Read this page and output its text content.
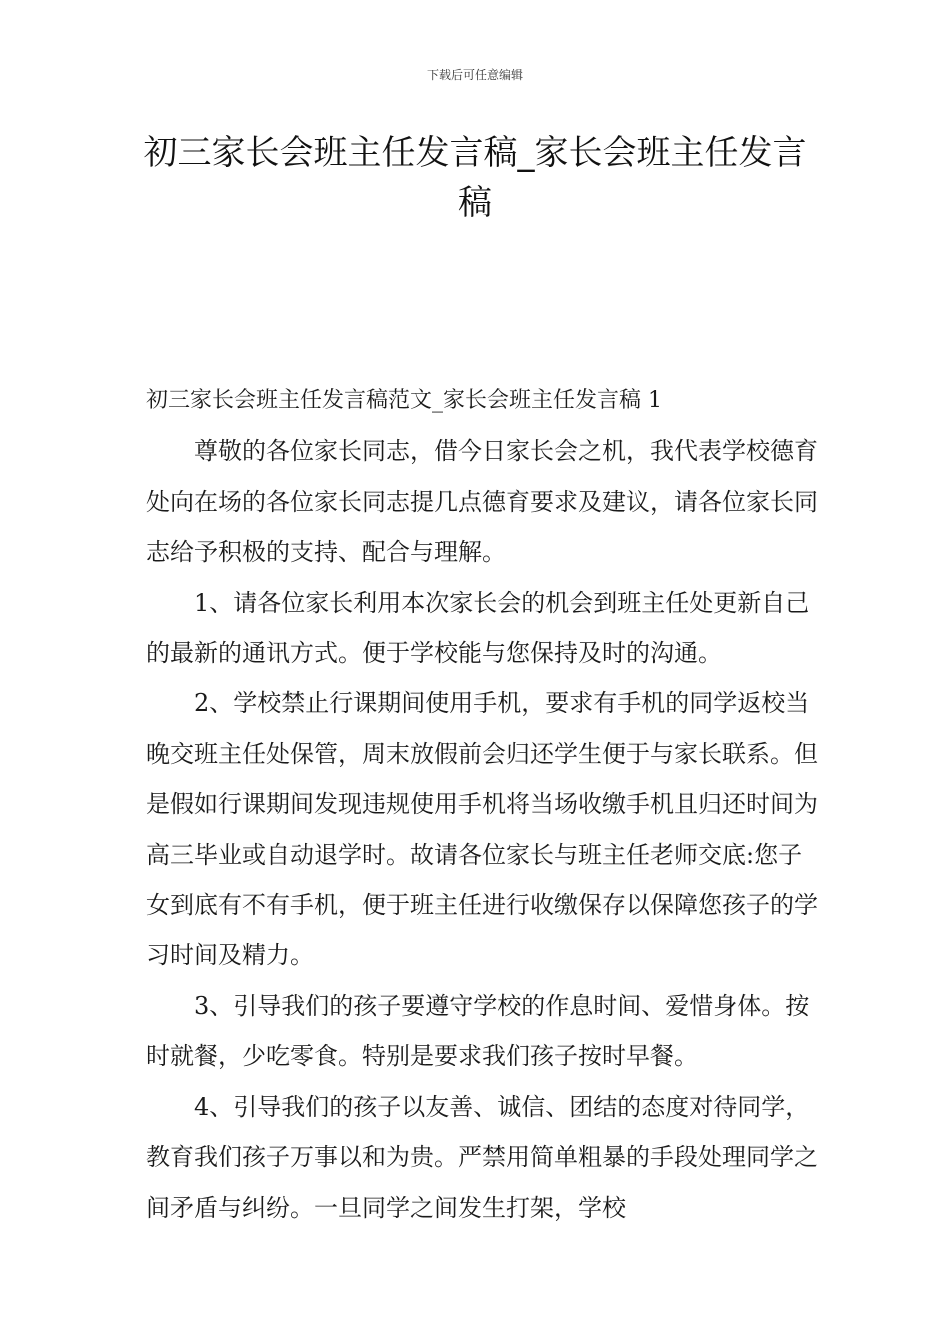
下载后可任意编辑
初三家长会班主任发言稿_家长会班主任发言稿

初三家长会班主任发言稿范文_家长会班主任发言稿 1

尊敬的各位家长同志，借今日家长会之机，我代表学校德育处向在场的各位家长同志提几点德育要求及建议，请各位家长同志给予积极的支持、配合与理解。

1、请各位家长利用本次家长会的机会到班主任处更新自己的最新的通讯方式。便于学校能与您保持及时的沟通。

2、学校禁止行课期间使用手机，要求有手机的同学返校当晚交班主任处保管，周末放假前会归还学生便于与家长联系。但是假如行课期间发现违规使用手机将当场收缴手机且归还时间为高三毕业或自动退学时。故请各位家长与班主任老师交底:您子女到底有不有手机，便于班主任进行收缴保存以保障您孩子的学习时间及精力。

3、引导我们的孩子要遵守学校的作息时间、爱惜身体。按时就餐，少吃零食。特别是要求我们孩子按时早餐。

4、引导我们的孩子以友善、诚信、团结的态度对待同学，教育我们孩子万事以和为贵。严禁用简单粗暴的手段处理同学之间矛盾与纠纷。一旦同学之间发生打架，学校
